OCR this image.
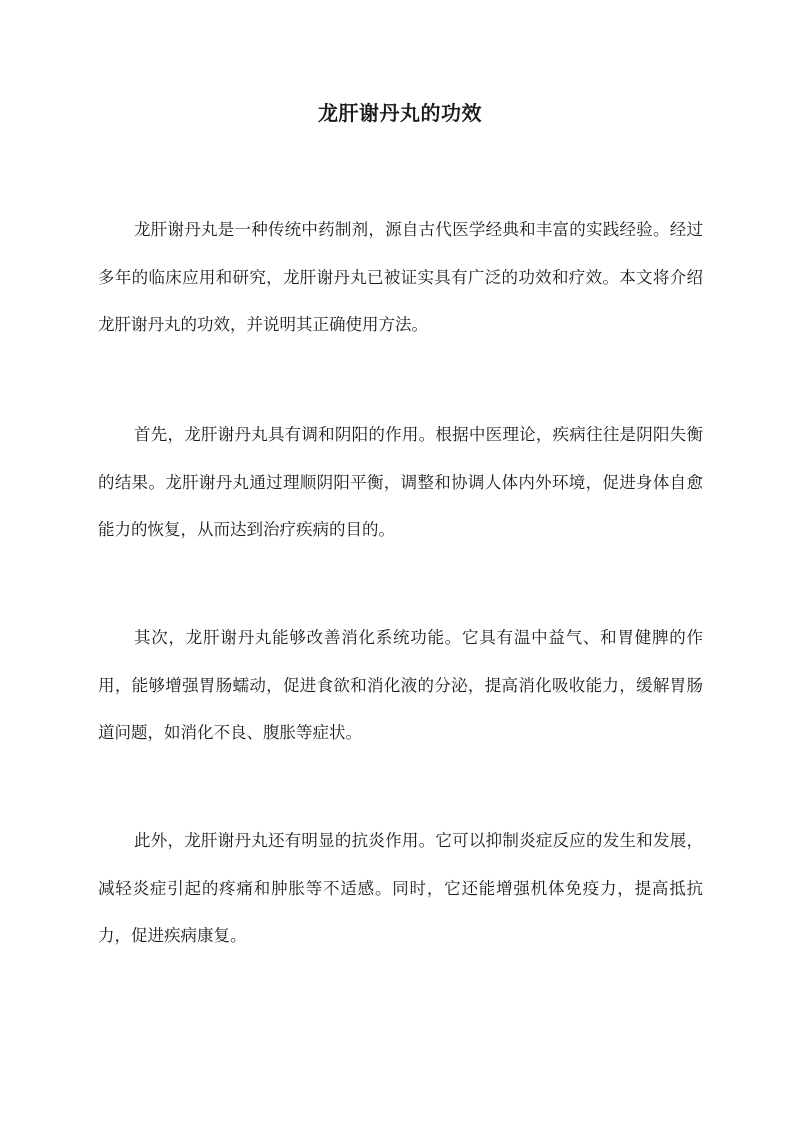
龙肝谢丹丸的功效

龙肝谢丹丸是一种传统中药制剂，源自古代医学经典和丰富的实践经验。经过多年的临床应用和研究，龙肝谢丹丸已被证实具有广泛的功效和疗效。本文将介绍龙肝谢丹丸的功效，并说明其正确使用方法。

首先，龙肝谢丹丸具有调和阴阳的作用。根据中医理论，疾病往往是阴阳失衡的结果。龙肝谢丹丸通过理顺阴阳平衡，调整和协调人体内外环境，促进身体自愈能力的恢复，从而达到治疗疾病的目的。

其次，龙肝谢丹丸能够改善消化系统功能。它具有温中益气、和胃健脾的作用，能够增强胃肠蠕动，促进食欲和消化液的分泌，提高消化吸收能力，缓解胃肠道问题，如消化不良、腹胀等症状。

此外，龙肝谢丹丸还有明显的抗炎作用。它可以抑制炎症反应的发生和发展，减轻炎症引起的疼痛和肿胀等不适感。同时，它还能增强机体免疫力，提高抵抗力，促进疾病康复。
